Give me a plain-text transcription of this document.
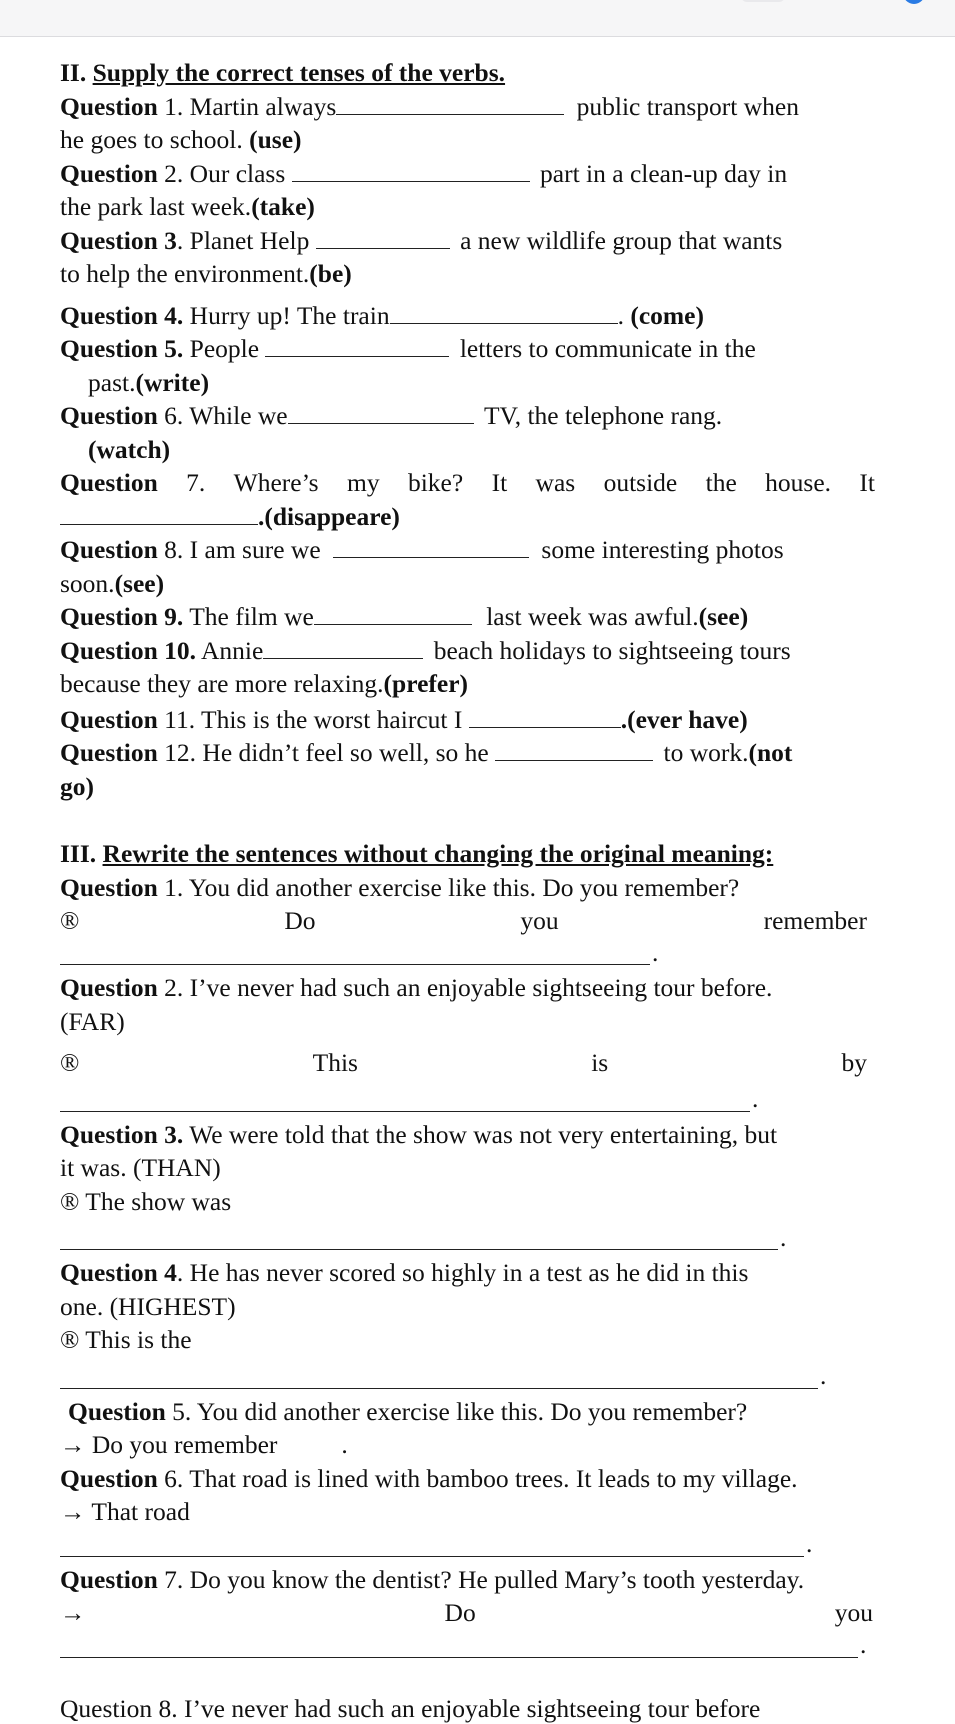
II. Supply the correct tenses of the verbs.
Question 1. Martin always	public transport when
he goes to school. (use)
Question 2. Our class	part in a clean-up day in
the park last week.(take)
Question 3. Planet Help	a new wildlife group that wants
to help the environment.(be)
Question 4. Hurry up! The train	. (come)
Question 5. People	letters to communicate in the
past.(write)
Question 6. While we	TV, the telephone rang.
(watch)
Question 7. Where’s my bike? It was outside the house. It
.(disappeare)
Question 8. I am sure we	some interesting photos
soon.(see)
Question 9. The film we	last week was awful.(see)
Question 10. Annie	beach holidays to sightseeing tours
because they are more relaxing.(prefer)
Question 11. This is the worst haircut I	.(ever have)
Question 12. He didn’t feel so well, so he	to work.(not
go)
III. Rewrite the sentences without changing the original meaning:
Question 1. You did another exercise like this. Do you remember?
®	Do	you	remember
.
Question 2. I’ve never had such an enjoyable sightseeing tour before.
(FAR)
®	This	is	by
.
Question 3. We were told that the show was not very entertaining, but
it was. (THAN)
® The show was
.
Question 4. He has never scored so highly in a test as he did in this
one. (HIGHEST)
® This is the
.
Question 5. You did another exercise like this. Do you remember?
→ Do you remember	.
Question 6. That road is lined with bamboo trees. It leads to my village.
→ That road
.
Question 7. Do you know the dentist? He pulled Mary’s tooth yesterday.
→	Do	you
.
Question 8. I’ve never had such an enjoyable sightseeing tour before
